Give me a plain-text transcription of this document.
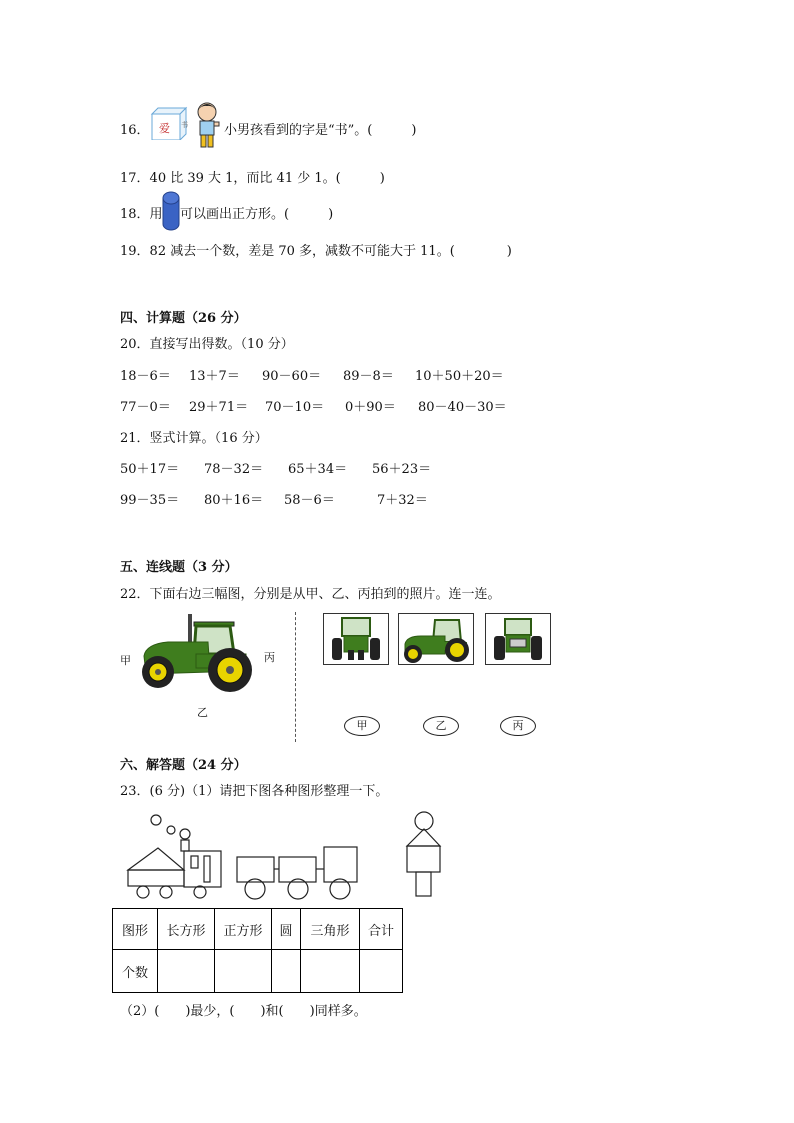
16． 爱 书	小男孩看到的字是“书”。(　　　)
17．40 比 39 大 1，而比 41 少 1。(　　　)
18．用 可以画出正方形。(　　　)
19．82 减去一个数，差是 70 多，减数不可能大于 11。(　　　　)
四、计算题（26 分）
20．直接写出得数。（10 分）
18－6＝ 13＋7＝ 90－60＝ 89－8＝ 10＋50＋20＝
77－0＝ 29＋71＝ 70－10＝ 0＋90＝ 80－40－30＝
21．竖式计算。（16 分）
50＋17＝ 78－32＝ 65＋34＝ 56＋23＝
99－35＝ 80＋16＝ 58－6＝	7＋32＝
五、连线题（3 分）
22．下面右边三幅图，分别是从甲、乙、丙拍到的照片。连一连。
甲	丙
乙
甲	乙	丙
六、解答题（24 分）
23．(6 分)（1）请把下图各种图形整理一下。
图形	长方形	正方形	圆	三角形	合计
个数					
（2）(　　)最少，(　　)和(　　)同样多。
